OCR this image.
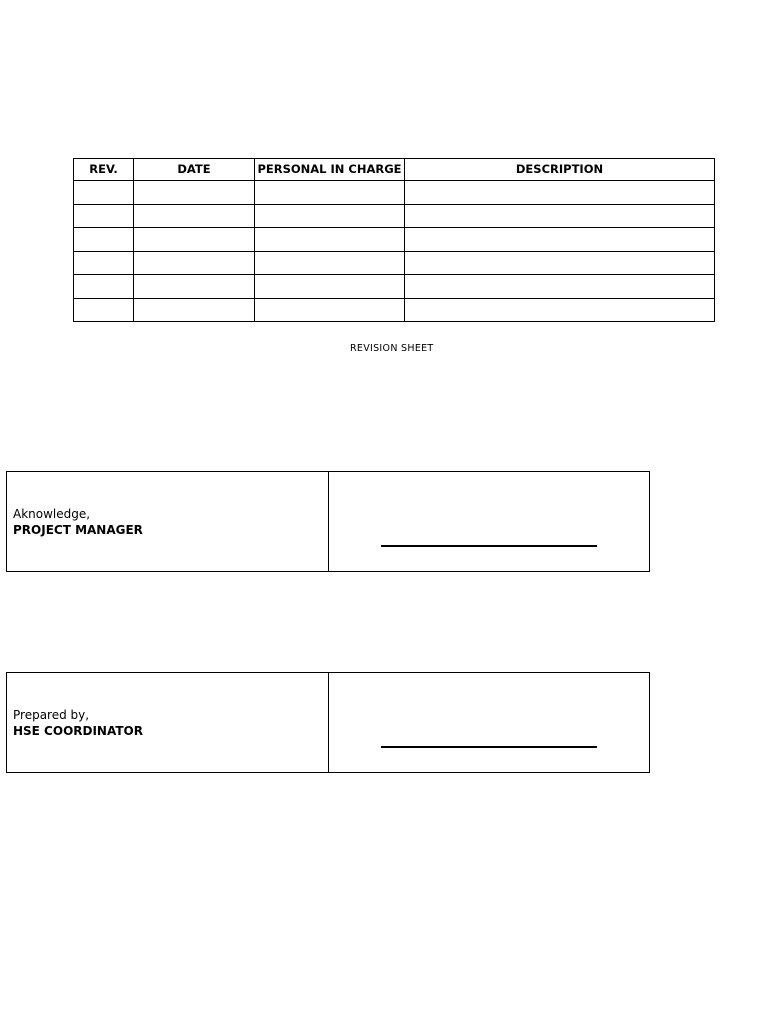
REV.	DATE	PERSONAL IN CHARGE	DESCRIPTION

REVISION SHEET
Aknowledge,
PROJECT MANAGER
Prepared by,
HSE COORDINATOR
